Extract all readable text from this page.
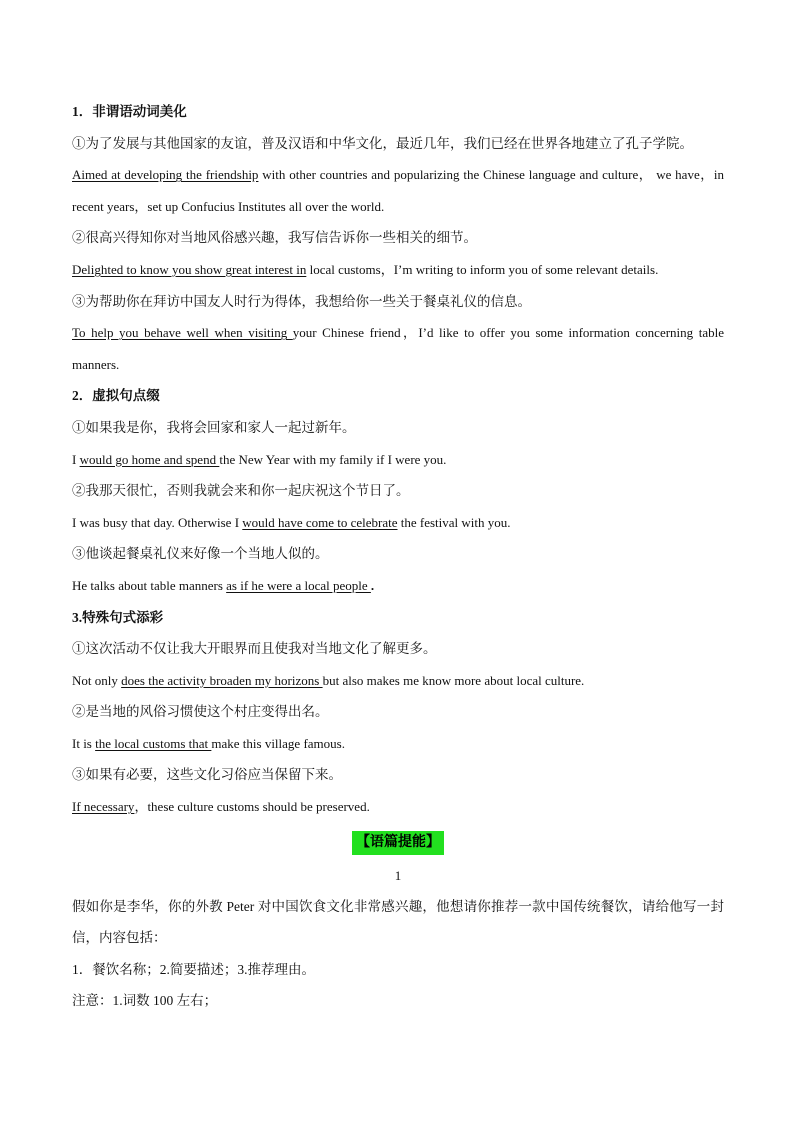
1．非谓语动词美化
①为了发展与其他国家的友谊，普及汉语和中华文化，最近几年，我们已经在世界各地建立了孔子学院。
Aimed at developing the friendship with other countries and popularizing the Chinese language and culture， we have，in recent years，set up Confucius Institutes all over the world.
②很高兴得知你对当地风俗感兴趣，我写信告诉你一些相关的细节。
Delighted to know you show great interest in local customs，I’m writing to inform you of some relevant details.
③为帮助你在拜访中国友人时行为得体，我想给你一些关于餐桌礼仪的信息。
To help you behave well when visiting your Chinese friend，I’d like to offer you some information concerning table manners.
2．虚拟句点缀
①如果我是你，我将会回家和家人一起过新年。
I would go home and spend the New Year with my family if I were you.
②我那天很忙，否则我就会来和你一起庆祝这个节日了。
I was busy that day. Otherwise I would have come to celebrate the festival with you.
③他谈起餐桌礼仪来好像一个当地人似的。
He talks about table manners as if he were a local people .
3.特殊句式添彩
①这次活动不仅让我大开眼界而且使我对当地文化了解更多。
Not only does the activity broaden my horizons but also makes me know more about local culture.
②是当地的风俗习惯使这个村庄变得出名。
It is the local customs that make this village famous.
③如果有必要，这些文化习俗应当保留下来。
If necessary，these culture customs should be preserved.
【语篇提能】
1
假如你是李华，你的外教 Peter 对中国饮食文化非常感兴趣，他想请你推荐一款中国传统餐饮，请给他写一封信，内容包括：
1．餐饮名称；2.简要描述；3.推荐理由。
注意：1.词数 100 左右；
